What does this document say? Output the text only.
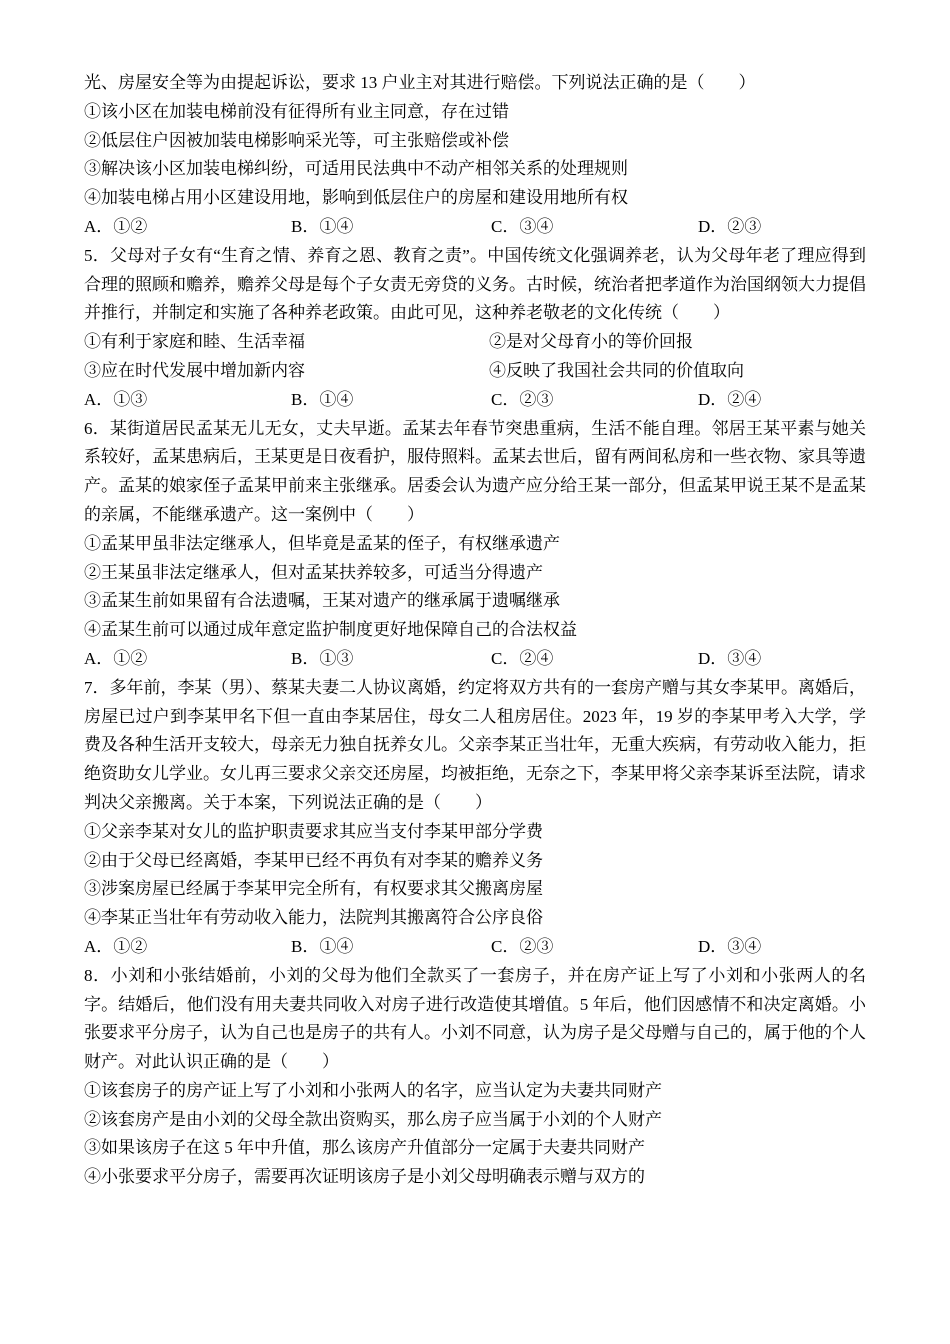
光、房屋安全等为由提起诉讼，要求 13 户业主对其进行赔偿。下列说法正确的是（　　）

①该小区在加装电梯前没有征得所有业主同意，存在过错
②低层住户因被加装电梯影响采光等，可主张赔偿或补偿
③解决该小区加装电梯纠纷，可适用民法典中不动产相邻关系的处理规则
④加装电梯占用小区建设用地，影响到低层住户的房屋和建设用地所有权
A．①②	B．①④	C．③④	D．②③

5．父母对子女有“生育之情、养育之恩、教育之责”。中国传统文化强调养老，认为父母年老了理应得到合理的照顾和赡养，赡养父母是每个子女责无旁贷的义务。古时候，统治者把孝道作为治国纲领大力提倡并推行，并制定和实施了各种养老政策。由此可见，这种养老敬老的文化传统（　　）

①有利于家庭和睦、生活幸福	②是对父母育小的等价回报
③应在时代发展中增加新内容	④反映了我国社会共同的价值取向
A．①③	B．①④	C．②③	D．②④

6．某街道居民孟某无儿无女，丈夫早逝。孟某去年春节突患重病，生活不能自理。邻居王某平素与她关系较好，孟某患病后，王某更是日夜看护，服侍照料。孟某去世后，留有两间私房和一些衣物、家具等遗产。孟某的娘家侄子孟某甲前来主张继承。居委会认为遗产应分给王某一部分，但孟某甲说王某不是孟某的亲属，不能继承遗产。这一案例中（　　）

①孟某甲虽非法定继承人，但毕竟是孟某的侄子，有权继承遗产
②王某虽非法定继承人，但对孟某扶养较多，可适当分得遗产
③孟某生前如果留有合法遗嘱，王某对遗产的继承属于遗嘱继承
④孟某生前可以通过成年意定监护制度更好地保障自己的合法权益
A．①②	B．①③	C．②④	D．③④

7．多年前，李某（男）、蔡某夫妻二人协议离婚，约定将双方共有的一套房产赠与其女李某甲。离婚后，房屋已过户到李某甲名下但一直由李某居住，母女二人租房居住。2023 年，19 岁的李某甲考入大学，学费及各种生活开支较大，母亲无力独自抚养女儿。父亲李某正当壮年，无重大疾病，有劳动收入能力，拒绝资助女儿学业。女儿再三要求父亲交还房屋，均被拒绝，无奈之下，李某甲将父亲李某诉至法院，请求判决父亲搬离。关于本案，下列说法正确的是（　　）

①父亲李某对女儿的监护职责要求其应当支付李某甲部分学费
②由于父母已经离婚，李某甲已经不再负有对李某的赡养义务
③涉案房屋已经属于李某甲完全所有，有权要求其父搬离房屋
④李某正当壮年有劳动收入能力，法院判其搬离符合公序良俗
A．①②	B．①④	C．②③	D．③④

8．小刘和小张结婚前，小刘的父母为他们全款买了一套房子，并在房产证上写了小刘和小张两人的名字。结婚后，他们没有用夫妻共同收入对房子进行改造使其增值。5 年后，他们因感情不和决定离婚。小张要求平分房子，认为自己也是房子的共有人。小刘不同意，认为房子是父母赠与自己的，属于他的个人财产。对此认识正确的是（　　）

①该套房子的房产证上写了小刘和小张两人的名字，应当认定为夫妻共同财产
②该套房产是由小刘的父母全款出资购买，那么房子应当属于小刘的个人财产
③如果该房子在这 5 年中升值，那么该房产升值部分一定属于夫妻共同财产
④小张要求平分房子，需要再次证明该房子是小刘父母明确表示赠与双方的
